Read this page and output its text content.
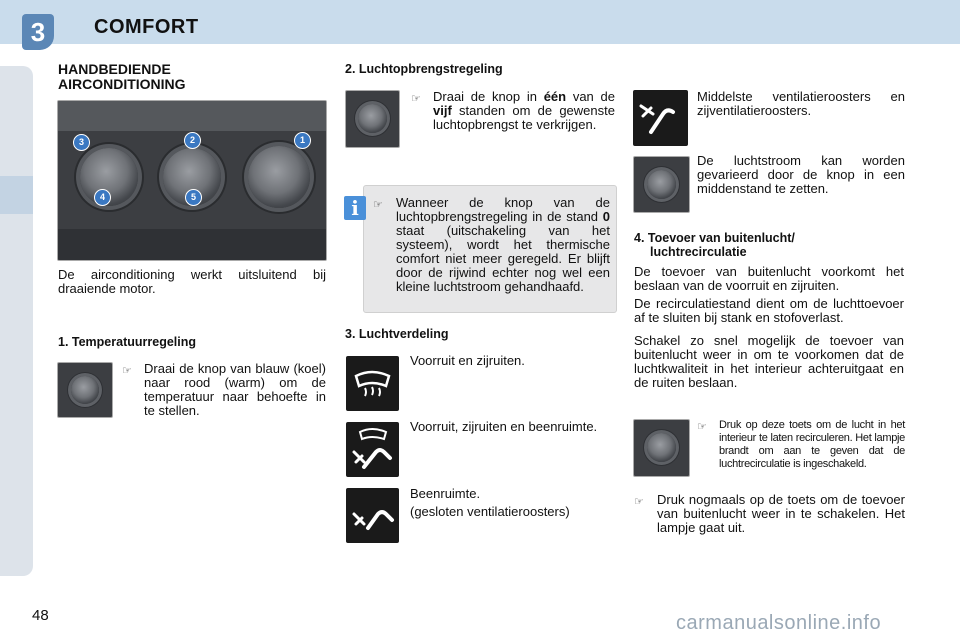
3	COMFORT
HANDBEDIENDE AIRCONDITIONING
3	2	1
4	5
De airconditioning werkt uitsluitend bij draaiende motor.
1. Temperatuurregeling
☞ Draai de knop van blauw (koel) naar rood (warm) om de temperatuur naar behoefte in te stellen.
2. Luchtopbrengstregeling
☞ Draai de knop in één van de vijf standen om de gewenste luchtopbrengst te verkrijgen.
i	☞ Wanneer de knop van de luchtopbrengstregeling in de stand 0 staat (uitschakeling van het systeem), wordt het thermische comfort niet meer geregeld. Er blijft door de rijwind echter nog wel een kleine luchtstroom gehandhaafd.
3. Luchtverdeling
Voorruit en zijruiten.
Voorruit, zijruiten en beenruimte.
Beenruimte.
(gesloten ventilatieroosters)
Middelste ventilatieroosters en zijventilatieroosters.
De luchtstroom kan worden gevarieerd door de knop in een middenstand te zetten.
4. Toevoer van buitenlucht/
luchtrecirculatie
De toevoer van buitenlucht voorkomt het beslaan van de voorruit en zijruiten.
De recirculatiestand dient om de luchttoevoer af te sluiten bij stank en stofoverlast.
Schakel zo snel mogelijk de toevoer van buitenlucht weer in om te voorkomen dat de luchtkwaliteit in het interieur achteruitgaat en de ruiten beslaan.
☞ Druk op deze toets om de lucht in het interieur te laten recirculeren. Het lampje brandt om aan te geven dat de luchtrecirculatie is ingeschakeld.
☞ Druk nogmaals op de toets om de toevoer van buitenlucht weer in te schakelen. Het lampje gaat uit.
48	carmanualsonline.info
